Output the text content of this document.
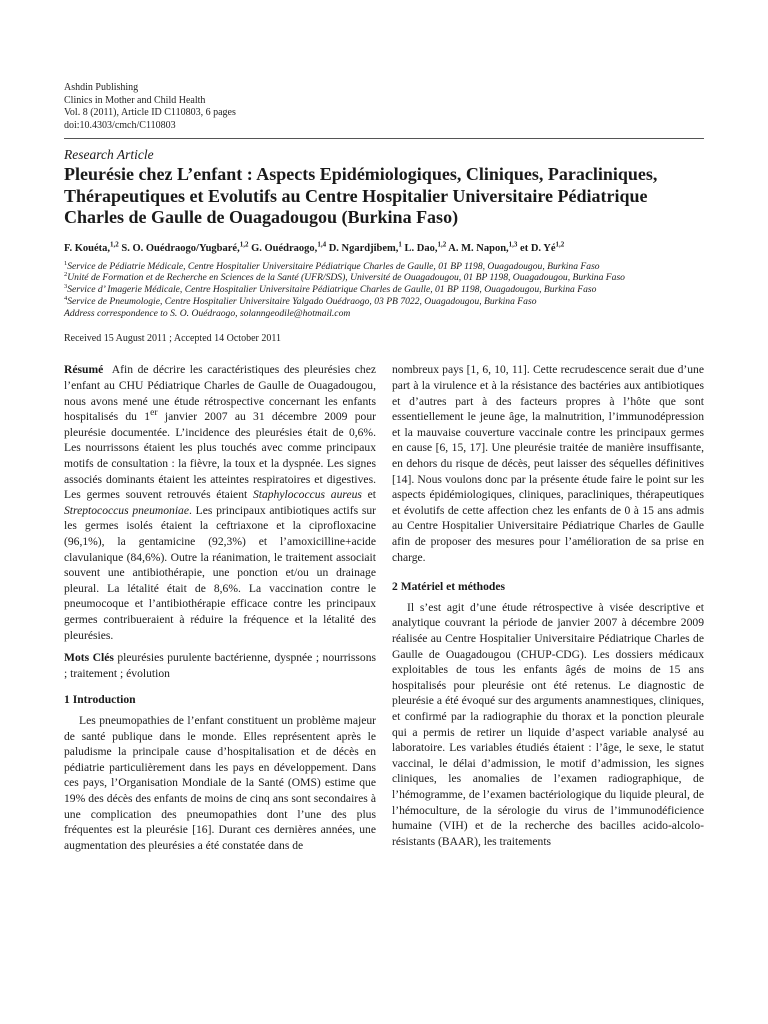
Ashdin Publishing
Clinics in Mother and Child Health
Vol. 8 (2011), Article ID C110803, 6 pages
doi:10.4303/cmch/C110803
Research Article
Pleurésie chez L’enfant : Aspects Epidémiologiques, Cliniques, Paracliniques, Thérapeutiques et Evolutifs au Centre Hospitalier Universitaire Pédiatrique Charles de Gaulle de Ouagadougou (Burkina Faso)
F. Kouéta,$^{1,2}$ S. O. Ouédraogo/Yugbaré,$^{1,2}$ G. Ouédraogo,$^{1,4}$ D. Ngardjibem,$^1$ L. Dao,$^{1,2}$ A. M. Napon,$^{1,3}$ et D. Yé$^{1,2}$
$^1$Service de Pédiatrie Médicale, Centre Hospitalier Universitaire Pédiatrique Charles de Gaulle, 01 BP 1198, Ouagadougou, Burkina Faso
$^2$Unité de Formation et de Recherche en Sciences de la Santé (UFR/SDS), Université de Ouagadougou, 01 BP 1198, Ouagadougou, Burkina Faso
$^3$Service d’ Imagerie Médicale, Centre Hospitalier Universitaire Pédiatrique Charles de Gaulle, 01 BP 1198, Ouagadougou, Burkina Faso
$^4$Service de Pneumologie, Centre Hospitalier Universitaire Yalgado Ouédraogo, 03 PB 7022, Ouagadougou, Burkina Faso
Address correspondence to S. O. Ouédraogo, solanngeodile@hotmail.com
Received 15 August 2011 ; Accepted 14 October 2011

Résumé Afin de décrire les caractéristiques des pleurésies chez l’enfant au CHU Pédiatrique Charles de Gaulle de Ouagadougou, nous avons mené une étude rétrospective concernant les enfants hospitalisés du 1er janvier 2007 au 31 décembre 2009 pour pleurésie documentée. L’incidence des pleurésies était de 0,6%. Les nourrissons étaient les plus touchés avec comme principaux motifs de consultation : la fièvre, la toux et la dyspnée. Les signes associés dominants étaient les atteintes respiratoires et digestives. Les germes souvent retrouvés étaient Staphylococcus aureus et Streptococcus pneumoniae. Les principaux antibiotiques actifs sur les germes isolés étaient la ceftriaxone et la ciprofloxacine (96,1%), la gentamicine (92,3%) et l’amoxicilline+acide clavulanique (84,6%). Outre la réanimation, le traitement associait souvent une antibiothérapie, une ponction et/ou un drainage pleural. La létalité était de 8,6%. La vaccination contre le pneumocoque et l’antibiothérapie efficace contre les principaux germes contribueraient à réduire la fréquence et la létalité des pleurésies.

Mots Clés pleurésies purulente bactérienne, dyspnée ; nourrissons ; traitement ; évolution

1 Introduction

Les pneumopathies de l’enfant constituent un problème majeur de santé publique dans le monde. Elles représentent après le paludisme la principale cause d’hospitalisation et de décès en pédiatrie particulièrement dans les pays en développement. Dans ces pays, l’Organisation Mondiale de la Santé (OMS) estime que 19% des décès des enfants de moins de cinq ans sont secondaires à une complication des pneumopathies dont l’une des plus fréquentes est la pleurésie [16]. Durant ces dernières années, une augmentation des pleurésies a été constatée dans de

nombreux pays [1, 6, 10, 11]. Cette recrudescence serait due d’une part à la virulence et à la résistance des bactéries aux antibiotiques et d’autres part à des facteurs propres à l’hôte que sont essentiellement le jeune âge, la malnutrition, l’immunodépression et la mauvaise couverture vaccinale contre les principaux germes en cause [6, 15, 17]. Une pleurésie traitée de manière insuffisante, en dehors du risque de décès, peut laisser des séquelles définitives [14]. Nous voulons donc par la présente étude faire le point sur les aspects épidémiologiques, cliniques, paracliniques, thérapeutiques et évolutifs de cette affection chez les enfants de 0 à 15 ans admis au Centre Hospitalier Universitaire Pédiatrique Charles de Gaulle afin de proposer des mesures pour l’amélioration de sa prise en charge.

2 Matériel et méthodes

Il s’est agit d’une étude rétrospective à visée descriptive et analytique couvrant la période de janvier 2007 à décembre 2009 réalisée au Centre Hospitalier Universitaire Pédiatrique Charles de Gaulle de Ouagadougou (CHUP-CDG). Les dossiers médicaux exploitables de tous les enfants âgés de moins de 15 ans hospitalisés pour pleurésie ont été retenus. Le diagnostic de pleurésie a été évoqué sur des arguments anamnestiques, cliniques, et confirmé par la radiographie du thorax et la ponction pleurale qui a permis de retirer un liquide d’aspect variable analysé au laboratoire. Les variables étudiés étaient : l’âge, le sexe, le statut vaccinal, le délai d’admission, le motif d’admission, les signes cliniques, les anomalies de l’examen radiographique, de l’hémogramme, de l’examen bactériologique du liquide pleural, de l’hémoculture, de la sérologie du virus de l’immunodéficience humaine (VIH) et de la recherche des bacilles acido-alcolo-résistants (BAAR), les traitements
